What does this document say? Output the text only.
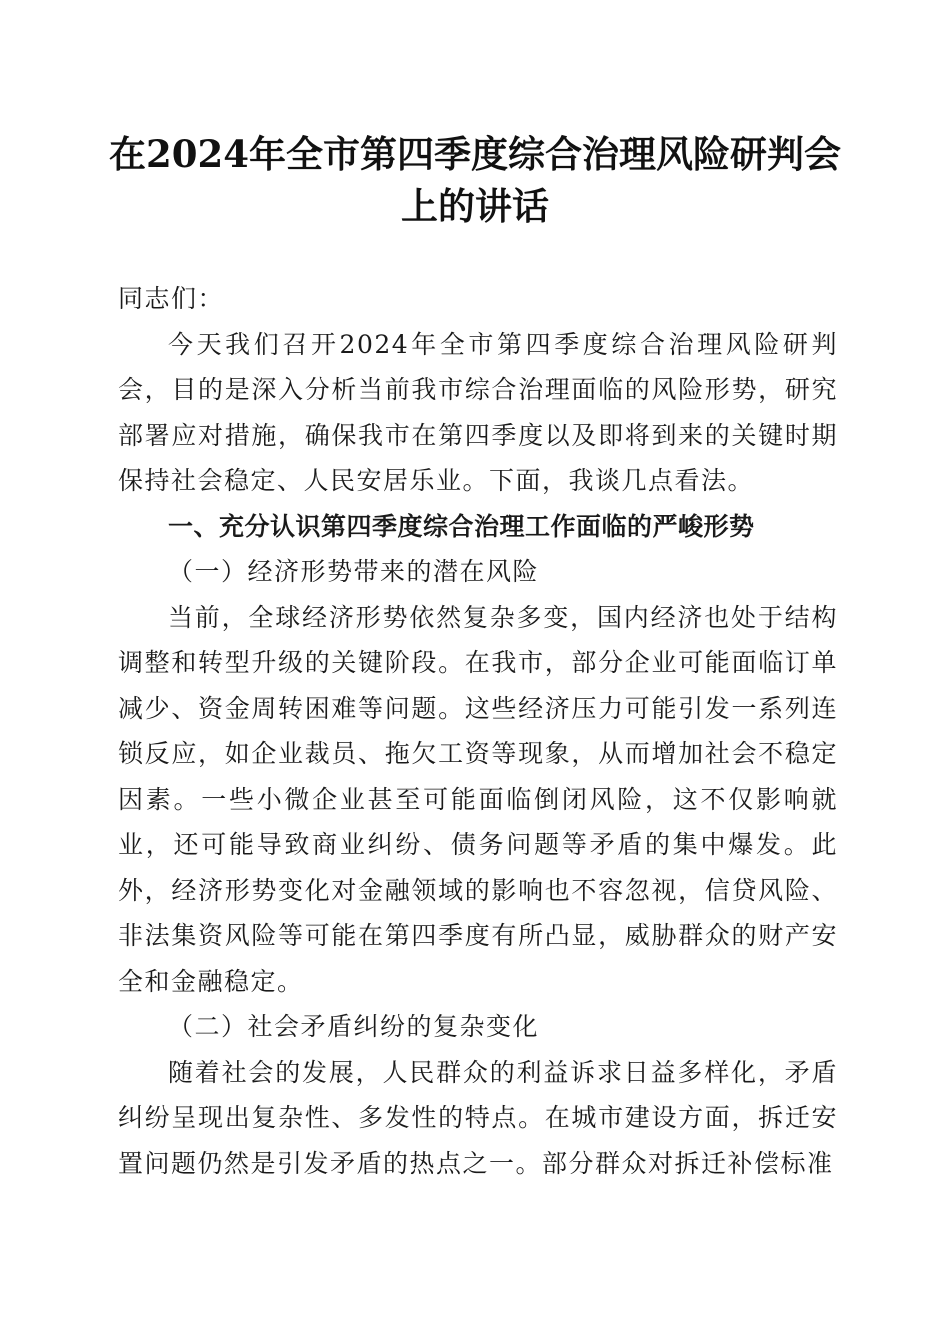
在2024年全市第四季度综合治理风险研判会
上的讲话

同志们：

今天我们召开2024年全市第四季度综合治理风险研判会，目的是深入分析当前我市综合治理面临的风险形势，研究部署应对措施，确保我市在第四季度以及即将到来的关键时期保持社会稳定、人民安居乐业。下面，我谈几点看法。

一、充分认识第四季度综合治理工作面临的严峻形势

（一）经济形势带来的潜在风险

当前，全球经济形势依然复杂多变，国内经济也处于结构调整和转型升级的关键阶段。在我市，部分企业可能面临订单减少、资金周转困难等问题。这些经济压力可能引发一系列连锁反应，如企业裁员、拖欠工资等现象，从而增加社会不稳定因素。一些小微企业甚至可能面临倒闭风险，这不仅影响就业，还可能导致商业纠纷、债务问题等矛盾的集中爆发。此外，经济形势变化对金融领域的影响也不容忽视，信贷风险、非法集资风险等可能在第四季度有所凸显，威胁群众的财产安全和金融稳定。

（二）社会矛盾纠纷的复杂变化

随着社会的发展，人民群众的利益诉求日益多样化，矛盾纠纷呈现出复杂性、多发性的特点。在城市建设方面，拆迁安置问题仍然是引发矛盾的热点之一。部分群众对拆迁补偿标准
